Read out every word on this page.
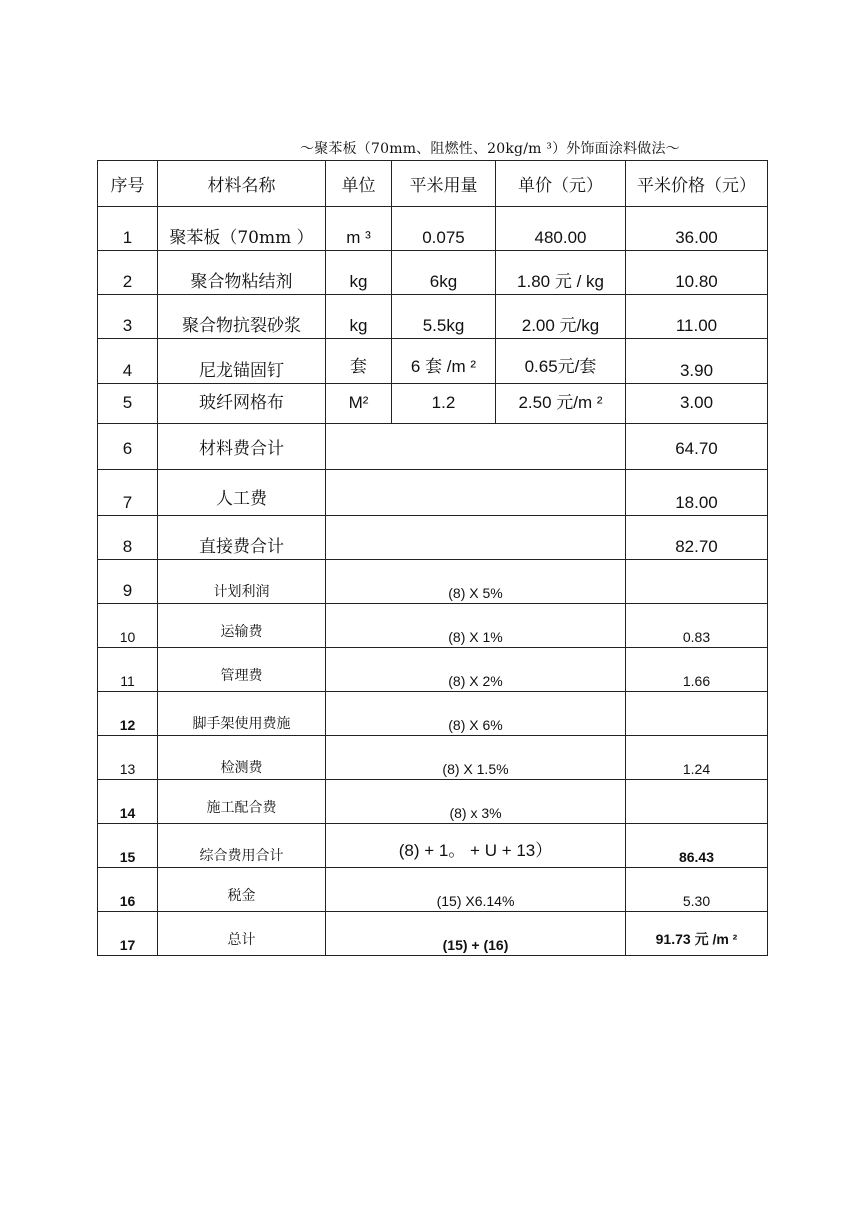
～聚苯板（70mm、阻燃性、20kg/m ³）外饰面涂料做法～
序号	材料名称	单位	平米用量	单价（元）	平米价格（元）
1	聚苯板（70mm ）	m ³	0.075	480.00	36.00
2	聚合物粘结剂	kg	6kg	1.80 元 / kg	10.80
3	聚合物抗裂砂浆	kg	5.5kg	2.00 元/kg	11.00
4	尼龙锚固钉	套	6 套 /m ²	0.65元/套	3.90
5	玻纤网格布	M²	1.2	2.50 元/m ²	3.00
6	材料费合计				64.70
7	人工费				18.00
8	直接费合计				82.70
9	计划利润	(8) X 5%			
10	运输费	(8) X 1%			0.83
11	管理费	(8) X 2%			1.66
12	脚手架使用费施	(8) X 6%			
13	检测费	(8) X 1.5%			1.24
14	施工配合费	(8) x 3%			
15	综合费用合计	(8) + 1。 + U + 13）			86.43
16	税金	(15) X6.14%			5.30
17	总计	(15) + (16)			91.73 元 /m ²
